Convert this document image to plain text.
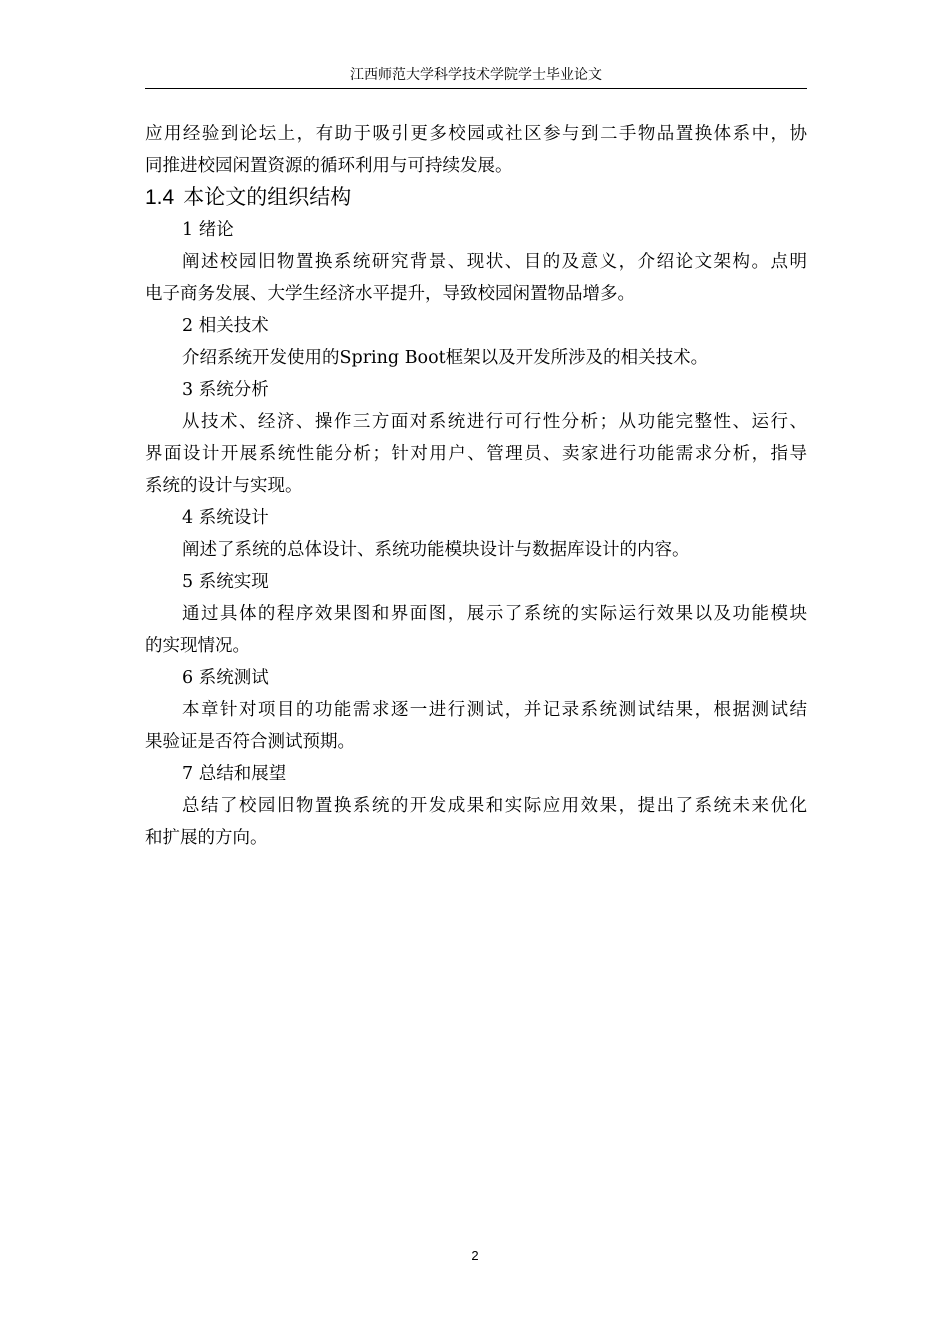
江西师范大学科学技术学院学士毕业论文
应用经验到论坛上，有助于吸引更多校园或社区参与到二手物品置换体系中，协
同推进校园闲置资源的循环利用与可持续发展。
1.4 本论文的组织结构
1 绪论
阐述校园旧物置换系统研究背景、现状、目的及意义，介绍论文架构。点明
电子商务发展、大学生经济水平提升，导致校园闲置物品增多。
2 相关技术
介绍系统开发使用的Spring Boot框架以及开发所涉及的相关技术。
3 系统分析
从技术、经济、操作三方面对系统进行可行性分析；从功能完整性、运行、
界面设计开展系统性能分析；针对用户、管理员、卖家进行功能需求分析，指导
系统的设计与实现。
4 系统设计
阐述了系统的总体设计、系统功能模块设计与数据库设计的内容。
5 系统实现
通过具体的程序效果图和界面图，展示了系统的实际运行效果以及功能模块
的实现情况。
6 系统测试
本章针对项目的功能需求逐一进行测试，并记录系统测试结果，根据测试结
果验证是否符合测试预期。
7 总结和展望
总结了校园旧物置换系统的开发成果和实际应用效果，提出了系统未来优化
和扩展的方向。
2
